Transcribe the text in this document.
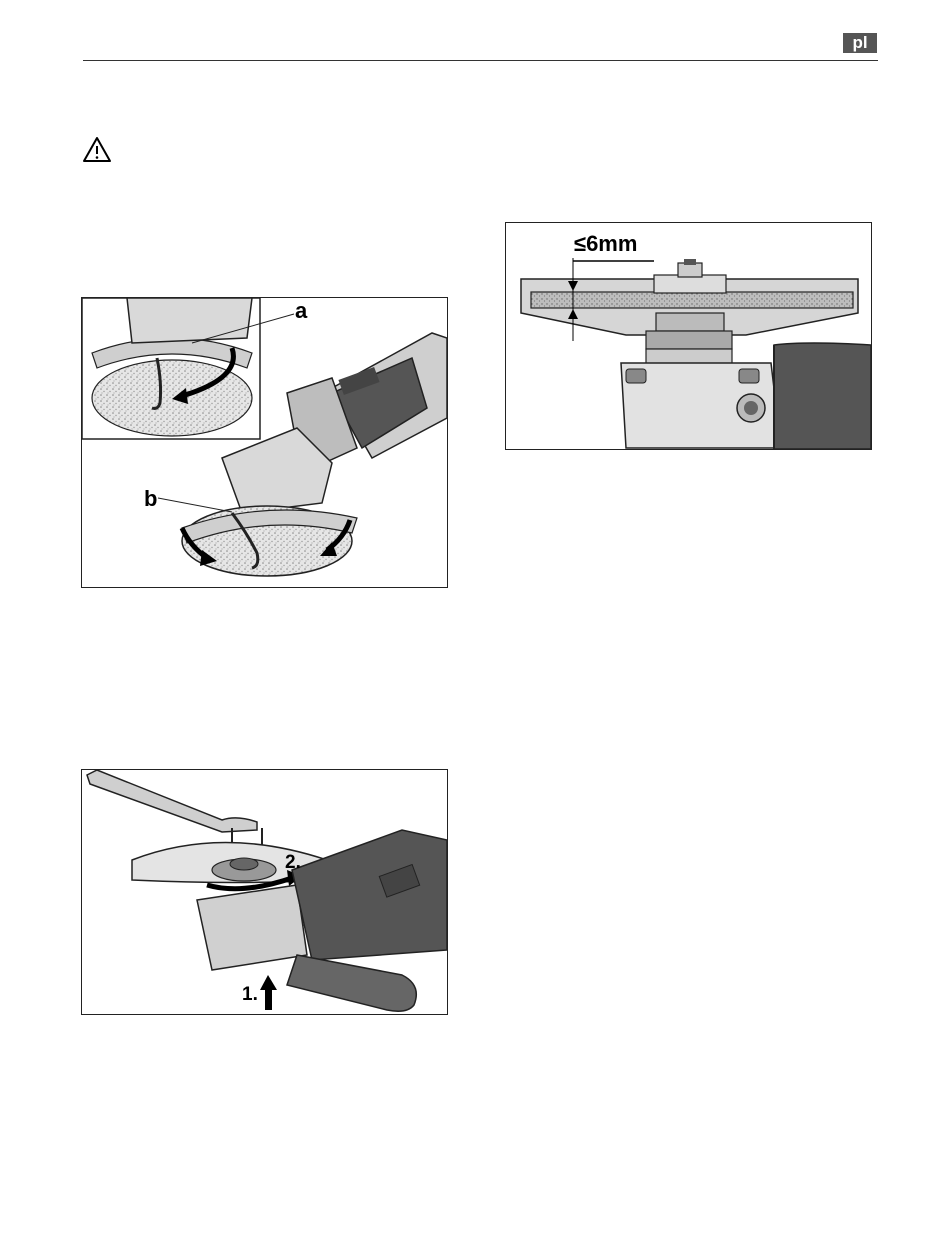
pl
b
a
≤6mm
2.
1.
